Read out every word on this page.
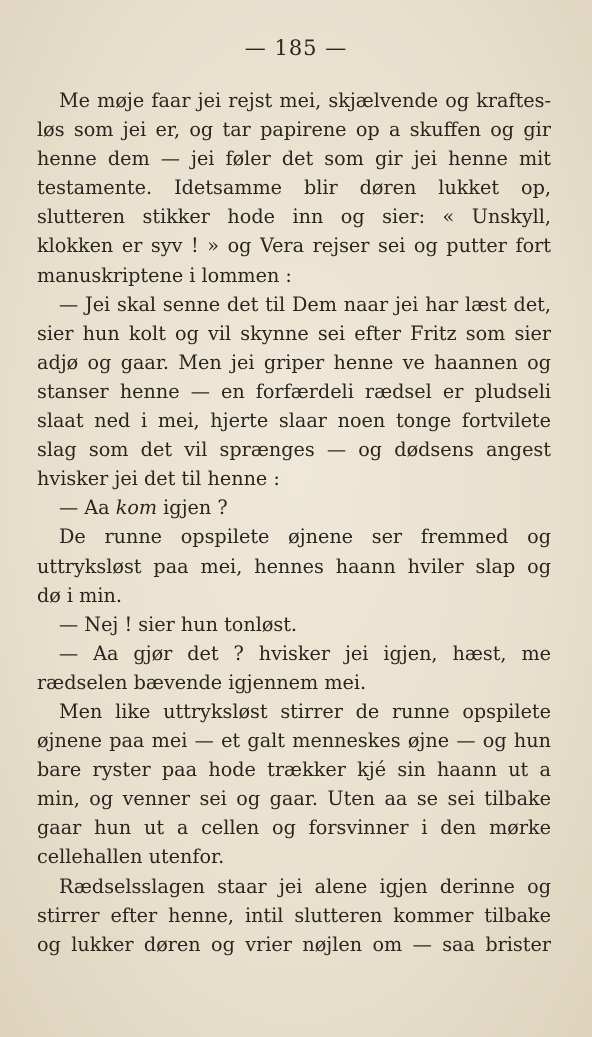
— 185 —
Me møje faar jei rejst mei, skjælvende og kraftes-
løs som jei er, og tar papirene op a skuffen og gir
henne dem — jei føler det som gir jei henne mit
testamente. Idetsamme blir døren lukket op,
slutteren stikker hode inn og sier: « Unskyll,
klokken er syv ! » og Vera rejser sei og putter fort
manuskriptene i lommen :
— Jei skal senne det til Dem naar jei har læst det,
sier hun kolt og vil skynne sei efter Fritz som sier
adjø og gaar. Men jei griper henne ve haannen og
stanser henne — en forfærdeli rædsel er pludseli
slaat ned i mei, hjerte slaar noen tonge fortvilete
slag som det vil sprænges — og dødsens angest
hvisker jei det til henne :
— Aa kom igjen ?
De runne opspilete øjnene ser fremmed og
uttryksløst paa mei, hennes haann hviler slap og
dø i min.
— Nej ! sier hun tonløst.
— Aa gjør det ? hvisker jei igjen, hæst, me
rædselen bævende igjennem mei.
Men like uttryksløst stirrer de runne opspilete
øjnene paa mei — et galt menneskes øjne — og hun
bare ryster paa hode trækker kjé sin haann ut a
min, og venner sei og gaar. Uten aa se sei tilbake
gaar hun ut a cellen og forsvinner i den mørke
cellehallen utenfor.
Rædselsslagen staar jei alene igjen derinne og
stirrer efter henne, intil slutteren kommer tilbake
og lukker døren og vrier nøjlen om — saa brister
